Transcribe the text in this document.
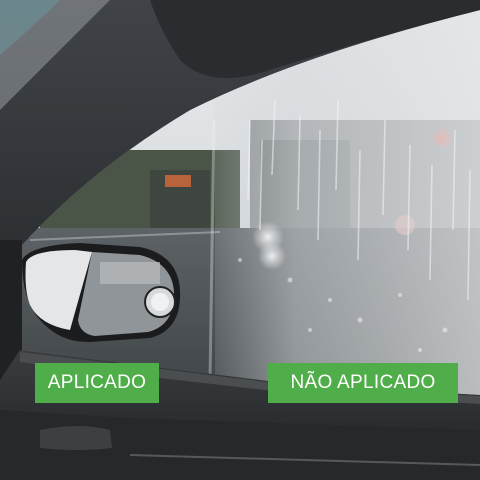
APLICADO	NÃO APLICADO
